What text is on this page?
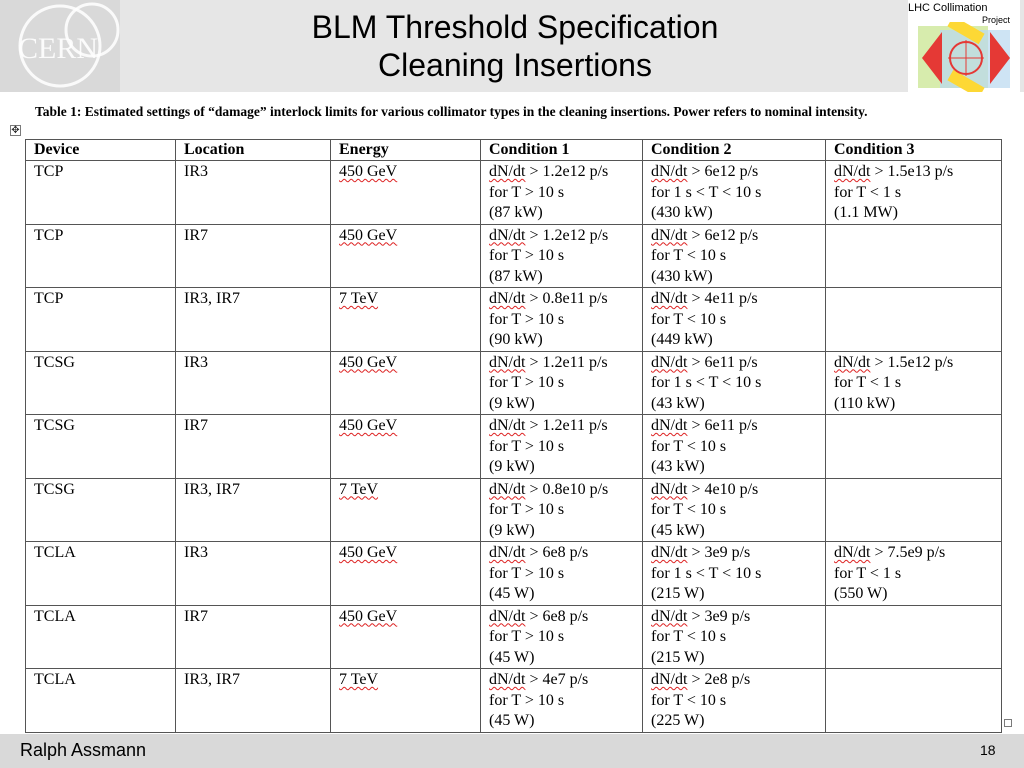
CERN
BLM Threshold Specification
Cleaning Insertions
LHC Collimation
Project
Table 1: Estimated settings of “damage” interlock limits for various collimator types in the cleaning insertions. Power refers to nominal intensity.
✥
Device	Location	Energy	Condition 1	Condition 2	Condition 3
TCP	IR3	450 GeV	dN/dt > 1.2e12 p/s
for T > 10 s
(87 kW)	dN/dt > 6e12 p/s
for 1 s < T < 10 s
(430 kW)	dN/dt > 1.5e13 p/s
for T < 1 s
(1.1 MW)

TCP	IR7	450 GeV	dN/dt > 1.2e12 p/s
for T > 10 s
(87 kW)	dN/dt > 6e12 p/s
for T < 10 s
(430 kW)	

TCP	IR3, IR7	7 TeV	dN/dt > 0.8e11 p/s
for T > 10 s
(90 kW)	dN/dt > 4e11 p/s
for T < 10 s
(449 kW)	

TCSG	IR3	450 GeV	dN/dt > 1.2e11 p/s
for T > 10 s
(9 kW)	dN/dt > 6e11 p/s
for 1 s < T < 10 s
(43 kW)	dN/dt > 1.5e12 p/s
for T < 1 s
(110 kW)

TCSG	IR7	450 GeV	dN/dt > 1.2e11 p/s
for T > 10 s
(9 kW)	dN/dt > 6e11 p/s
for T < 10 s
(43 kW)	

TCSG	IR3, IR7	7 TeV	dN/dt > 0.8e10 p/s
for T > 10 s
(9 kW)	dN/dt > 4e10 p/s
for T < 10 s
(45 kW)	

TCLA	IR3	450 GeV	dN/dt > 6e8 p/s
for T > 10 s
(45 W)	dN/dt > 3e9 p/s
for 1 s < T < 10 s
(215 W)	dN/dt > 7.5e9 p/s
for T < 1 s
(550 W)

TCLA	IR7	450 GeV	dN/dt > 6e8 p/s
for T > 10 s
(45 W)	dN/dt > 3e9 p/s
for T < 10 s
(215 W)	

TCLA	IR3, IR7	7 TeV	dN/dt > 4e7 p/s
for T > 10 s
(45 W)	dN/dt > 2e8 p/s
for T < 10 s
(225 W)	

Ralph Assmann	18
